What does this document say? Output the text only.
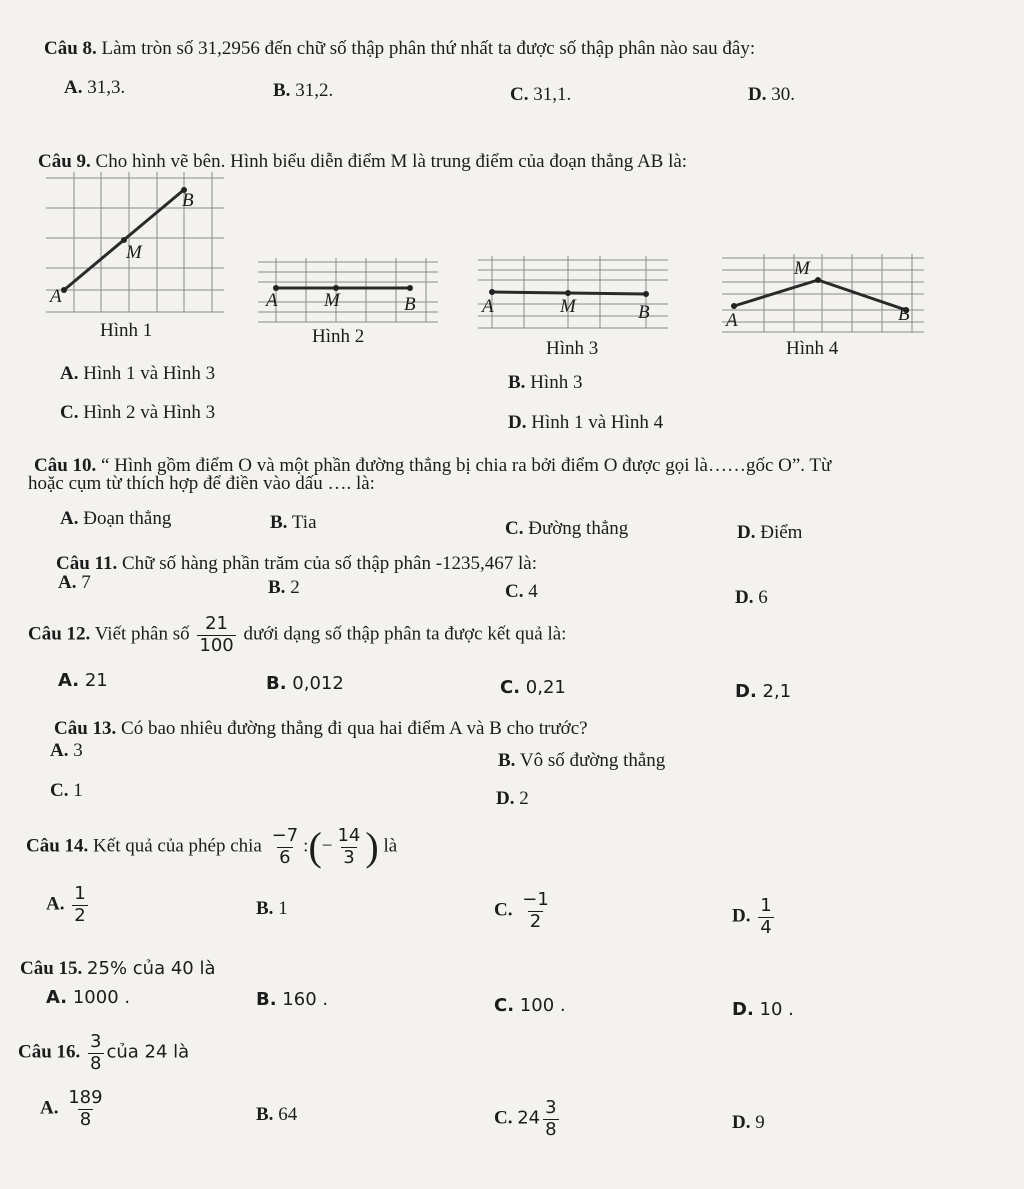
Câu 8. Làm tròn số 31,2956 đến chữ số thập phân thứ nhất ta được số thập phân nào sau đây:
A. 31,3.	B. 31,2.	C. 31,1.	D. 30.
Câu 9. Cho hình vẽ bên. Hình biểu diễn điểm M là trung điểm của đoạn thẳng AB là:
A
M
B
Hình 1
A M	B
Hình 2
A	M	B
Hình 3
M
A	B
Hình 4
A. Hình 1 và Hình 3	B. Hình 3
C. Hình 2 và Hình 3	D. Hình 1 và Hình 4
Câu 10. “ Hình gồm điểm O và một phần đường thẳng bị chia ra bởi điểm O được gọi là……gốc O”. Từ
hoặc cụm từ thích hợp để điền vào dấu …. là:
A. Đoạn thẳng	B. Tia	C. Đường thẳng	D. Điểm
Câu 11. Chữ số hàng phần trăm của số thập phân -1235,467 là:
A. 7	B. 2	C. 4	D. 6
Câu 12. Viết phân số $\frac{21}{100}$ dưới dạng số thập phân ta được kết quả là:
A. 21	B. 0,012	C. 0,21	D. 2,1
Câu 13. Có bao nhiêu đường thẳng đi qua hai điểm A và B cho trước?
A. 3	B. Vô số đường thẳng
C. 1	D. 2
Câu 14. Kết quả của phép chia $\frac{-7}{6}$ :(− $\frac{14}{3}$ ) là
A. $\frac{1}{2}$	B. 1	C. $\frac{-1}{2}$	D. $\frac{1}{4}$
Câu 15. 25% của 40 là
A. 1000 .	B. 160 .	C. 100 .	D. 10 .
Câu 16. $\frac{3}{8}$ của 24 là
A. $\frac{189}{8}$	B. 64	C. $24 \frac{3}{8}$	D. 9
